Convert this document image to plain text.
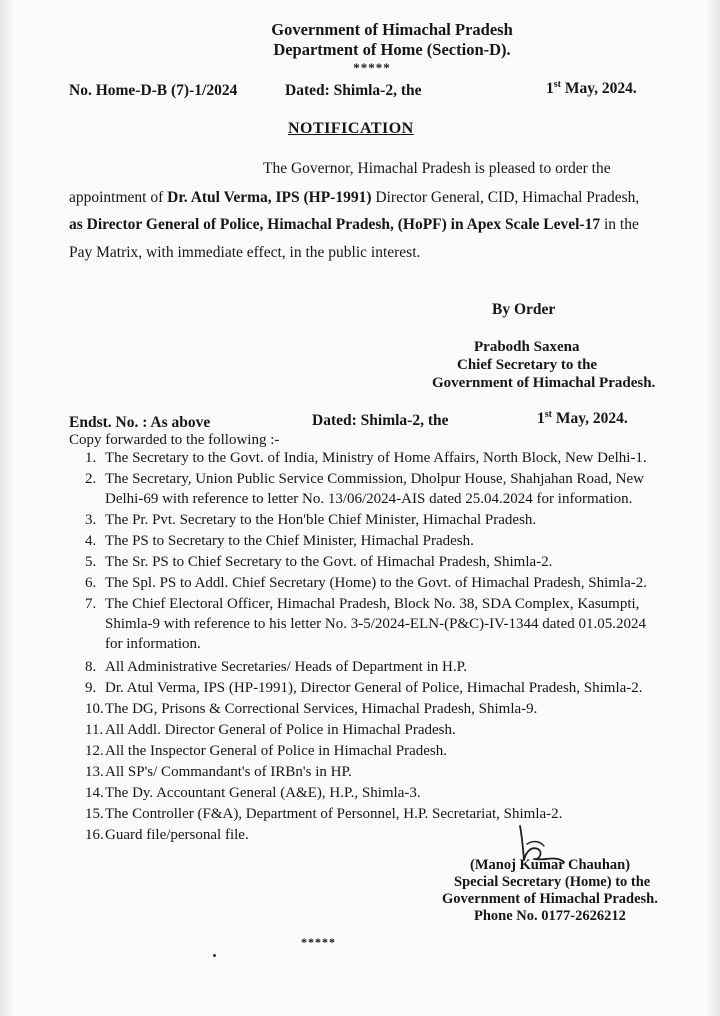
Government of Himachal Pradesh
Department of Home (Section-D).
*****
No. Home-D-B (7)-1/2024	Dated: Shimla-2, the	1st May, 2024.
NOTIFICATION
The Governor, Himachal Pradesh is pleased to order the
appointment of Dr. Atul Verma, IPS (HP-1991) Director General, CID, Himachal Pradesh,
as Director General of Police, Himachal Pradesh, (HoPF) in Apex Scale Level-17 in the
Pay Matrix, with immediate effect, in the public interest.
By Order
Prabodh Saxena
Chief Secretary to the
Government of Himachal Pradesh.
Endst. No. : As above	Dated: Shimla-2, the	1st May, 2024.
Copy forwarded to the following :-
1. The Secretary to the Govt. of India, Ministry of Home Affairs, North Block, New Delhi-1.
2. The Secretary, Union Public Service Commission, Dholpur House, Shahjahan Road, New
Delhi-69 with reference to letter No. 13/06/2024-AIS dated 25.04.2024 for information.
3. The Pr. Pvt. Secretary to the Hon'ble Chief Minister, Himachal Pradesh.
4. The PS to Secretary to the Chief Minister, Himachal Pradesh.
5. The Sr. PS to Chief Secretary to the Govt. of Himachal Pradesh, Shimla-2.
6. The Spl. PS to Addl. Chief Secretary (Home) to the Govt. of Himachal Pradesh, Shimla-2.
7. The Chief Electoral Officer, Himachal Pradesh, Block No. 38, SDA Complex, Kasumpti,
Shimla-9 with reference to his letter No. 3-5/2024-ELN-(P&C)-IV-1344 dated 01.05.2024
for information.
8. All Administrative Secretaries/ Heads of Department in H.P.
9. Dr. Atul Verma, IPS (HP-1991), Director General of Police, Himachal Pradesh, Shimla-2.
10. The DG, Prisons & Correctional Services, Himachal Pradesh, Shimla-9.
11. All Addl. Director General of Police in Himachal Pradesh.
12. All the Inspector General of Police in Himachal Pradesh.
13. All SP's/ Commandant's of IRBn's in HP.
14. The Dy. Accountant General (A&E), H.P., Shimla-3.
15. The Controller (F&A), Department of Personnel, H.P. Secretariat, Shimla-2.
16. Guard file/personal file.
(Manoj Kumar Chauhan)
Special Secretary (Home) to the
Government of Himachal Pradesh.
Phone No. 0177-2626212
*****
